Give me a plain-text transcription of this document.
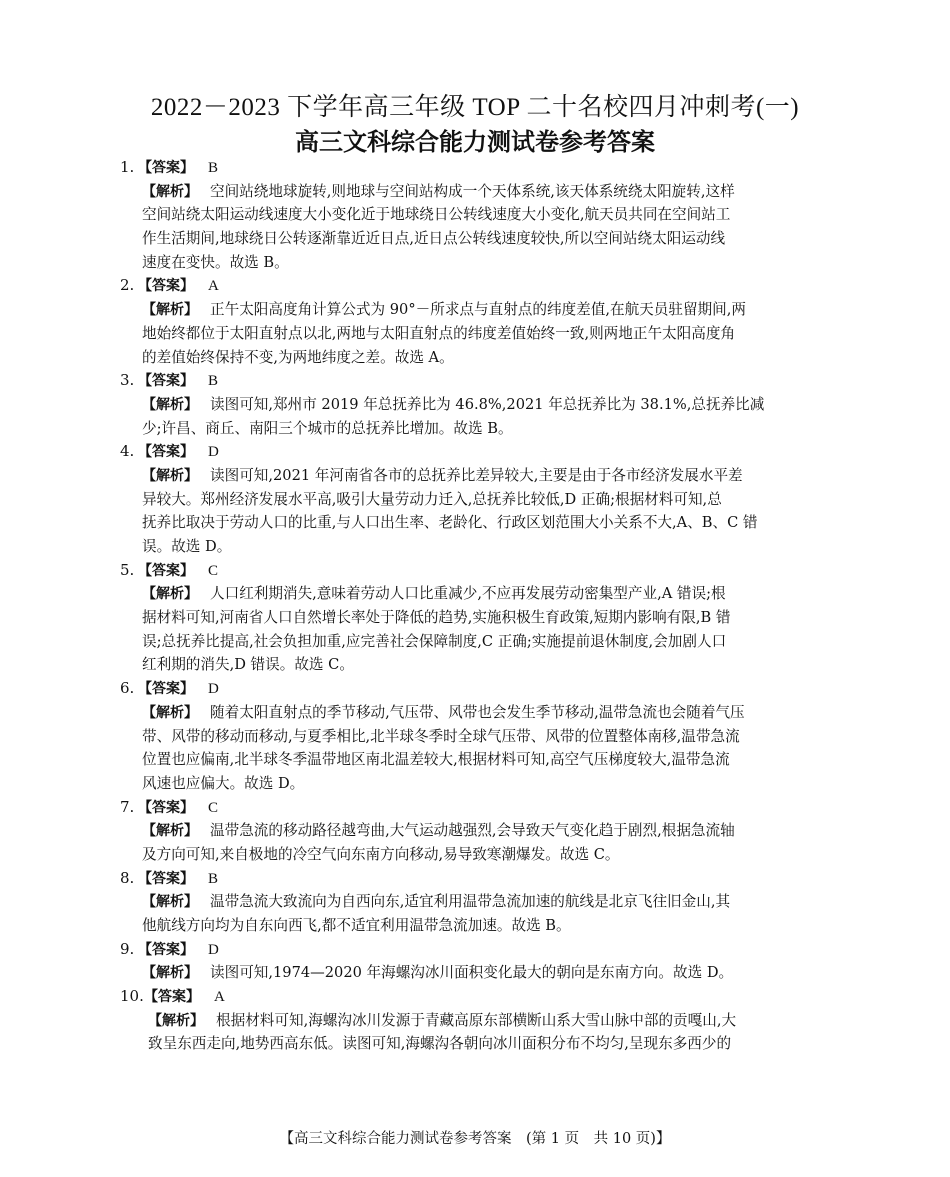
2022－2023 下学年高三年级 TOP 二十名校四月冲刺考(一)
高三文科综合能力测试卷参考答案
1. 【答案】 B
【解析】 空间站绕地球旋转,则地球与空间站构成一个天体系统,该天体系统绕太阳旋转,这样
空间站绕太阳运动线速度大小变化近于地球绕日公转线速度大小变化,航天员共同在空间站工
作生活期间,地球绕日公转逐渐靠近近日点,近日点公转线速度较快,所以空间站绕太阳运动线
速度在变快。故选 B。
2. 【答案】 A
【解析】 正午太阳高度角计算公式为 90°－所求点与直射点的纬度差值,在航天员驻留期间,两
地始终都位于太阳直射点以北,两地与太阳直射点的纬度差值始终一致,则两地正午太阳高度角
的差值始终保持不变,为两地纬度之差。故选 A。
3. 【答案】 B
【解析】 读图可知,郑州市 2019 年总抚养比为 46.8%,2021 年总抚养比为 38.1%,总抚养比减
少;许昌、商丘、南阳三个城市的总抚养比增加。故选 B。
4. 【答案】 D
【解析】 读图可知,2021 年河南省各市的总抚养比差异较大,主要是由于各市经济发展水平差
异较大。郑州经济发展水平高,吸引大量劳动力迁入,总抚养比较低,D 正确;根据材料可知,总
抚养比取决于劳动人口的比重,与人口出生率、老龄化、行政区划范围大小关系不大,A、B、C 错
误。故选 D。
5. 【答案】 C
【解析】 人口红利期消失,意味着劳动人口比重减少,不应再发展劳动密集型产业,A 错误;根
据材料可知,河南省人口自然增长率处于降低的趋势,实施积极生育政策,短期内影响有限,B 错
误;总抚养比提高,社会负担加重,应完善社会保障制度,C 正确;实施提前退休制度,会加剧人口
红利期的消失,D 错误。故选 C。
6. 【答案】 D
【解析】 随着太阳直射点的季节移动,气压带、风带也会发生季节移动,温带急流也会随着气压
带、风带的移动而移动,与夏季相比,北半球冬季时全球气压带、风带的位置整体南移,温带急流
位置也应偏南,北半球冬季温带地区南北温差较大,根据材料可知,高空气压梯度较大,温带急流
风速也应偏大。故选 D。
7. 【答案】 C
【解析】 温带急流的移动路径越弯曲,大气运动越强烈,会导致天气变化趋于剧烈,根据急流轴
及方向可知,来自极地的冷空气向东南方向移动,易导致寒潮爆发。故选 C。
8. 【答案】 B
【解析】 温带急流大致流向为自西向东,适宜利用温带急流加速的航线是北京飞往旧金山,其
他航线方向均为自东向西飞,都不适宜利用温带急流加速。故选 B。
9. 【答案】 D
【解析】 读图可知,1974—2020 年海螺沟冰川面积变化最大的朝向是东南方向。故选 D。
10.【答案】 A
【解析】 根据材料可知,海螺沟冰川发源于青藏高原东部横断山系大雪山脉中部的贡嘎山,大
致呈东西走向,地势西高东低。读图可知,海螺沟各朝向冰川面积分布不均匀,呈现东多西少的
【高三文科综合能力测试卷参考答案　(第 1 页　共 10 页)】
